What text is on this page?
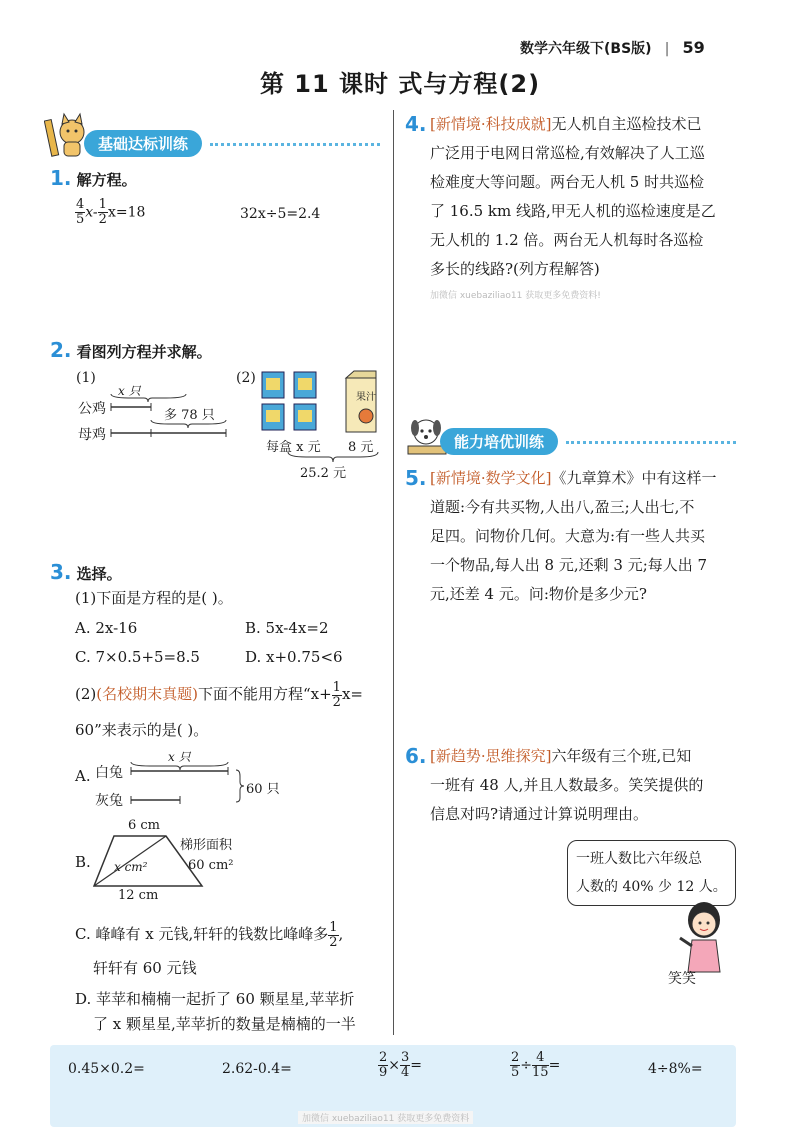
数学六年级下(BS版) | 59
第 11 课时 式与方程(2)
基础达标训练
1. 解方程。
$\frac{4}{5} x- \frac{1}{2} x=18$	32x÷5=2.4
2. 看图列方程并求解。
(1)
x 只
公鸡
母鸡
多 78 只
(2)
果汁
每盒 x 元 8 元
25.2 元
3. 选择。
(1)下面是方程的是( )。
A. 2x-16	B. 5x-4x=2
C. 7×0.5+5=8.5	D. x+0.75<6
(2)(名校期末真题)下面不能用方程“$x+ \frac{1}{2} x=$
60”来表示的是( )。
A.
x 只
白兔
灰兔
60 只
B.
6 cm
梯形面积
x cm²	60 cm²
12 cm
C. 峰峰有 x 元钱,轩轩的钱数比峰峰多 $\frac{1}{2}$ ,
轩轩有 60 元钱
D. 苹苹和楠楠一起折了 60 颗星星,苹苹折
了 x 颗星星,苹苹折的数量是楠楠的一半
4. [新情境·科技成就]无人机自主巡检技术已
广泛用于电网日常巡检,有效解决了人工巡
检难度大等问题。两台无人机 5 时共巡检
了 16.5 km 线路,甲无人机的巡检速度是乙
无人机的 1.2 倍。两台无人机每时各巡检
多长的线路?(列方程解答)
加微信 xuebaziliao11 获取更多免费资料!
能力培优训练
5. [新情境·数学文化]《九章算术》中有这样一
道题:今有共买物,人出八,盈三;人出七,不
足四。问物价几何。大意为:有一些人共买
一个物品,每人出 8 元,还剩 3 元;每人出 7
元,还差 4 元。问:物价是多少元?
6. [新趋势·思维探究]六年级有三个班,已知
一班有 48 人,并且人数最多。笑笑提供的
信息对吗?请通过计算说明理由。
一班人数比六年级总
人数的 40% 少 12 人。
笑笑
0.45×0.2=	2.62-0.4=	$\frac{2}{9} \times \frac{3}{4}$ =	$\frac{2}{5} \div \frac{4}{15}$ =	4÷8%=
加微信 xuebaziliao11 获取更多免费资料
